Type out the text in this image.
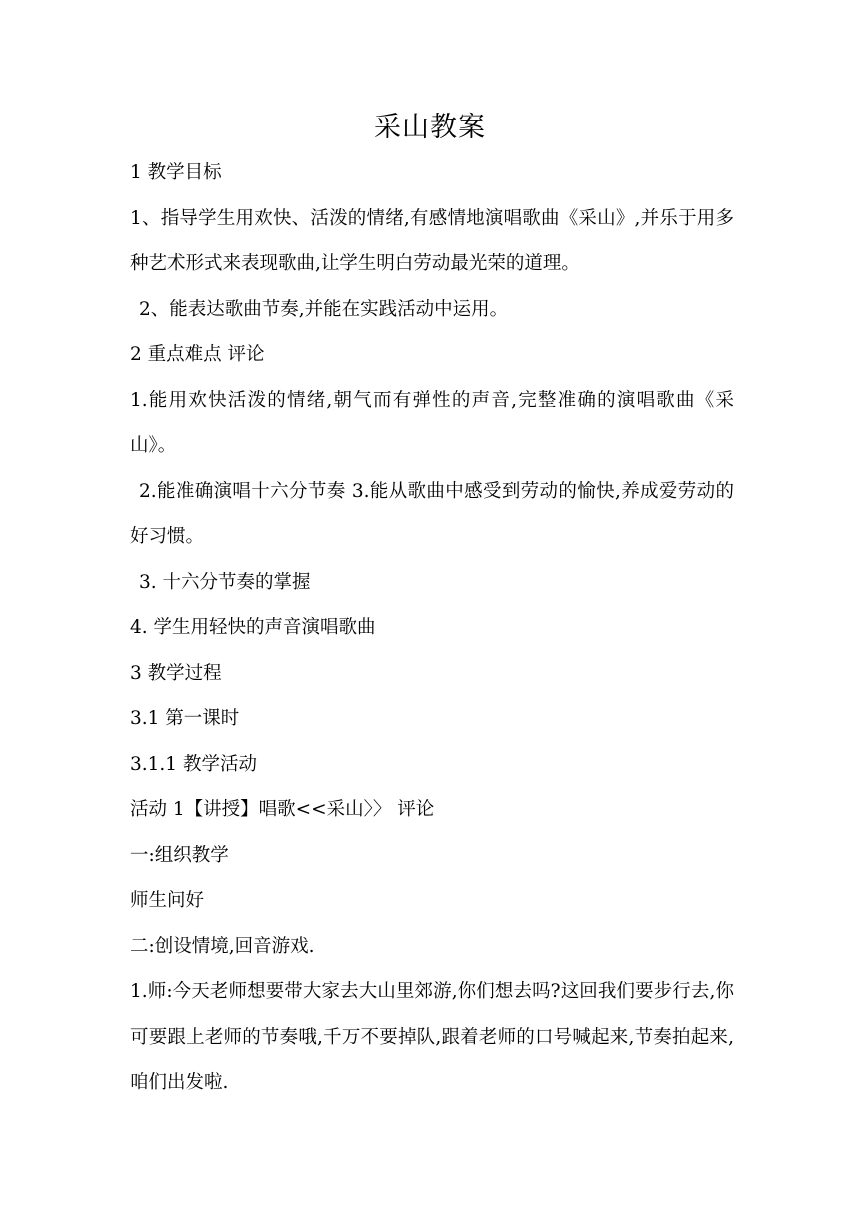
采山教案

1 教学目标

1、指导学生用欢快、活泼的情绪,有感情地演唱歌曲《采山》,并乐于用多种艺术形式来表现歌曲,让学生明白劳动最光荣的道理。

2、能表达歌曲节奏,并能在实践活动中运用。

2 重点难点 评论

1.能用欢快活泼的情绪,朝气而有弹性的声音,完整准确的演唱歌曲《采山》。

2.能准确演唱十六分节奏 3.能从歌曲中感受到劳动的愉快,养成爱劳动的好习惯。

3. 十六分节奏的掌握

4. 学生用轻快的声音演唱歌曲

3 教学过程

3.1 第一课时

3.1.1 教学活动

活动 1【讲授】唱歌<<采山〉〉 评论

一:组织教学

师生问好

二:创设情境,回音游戏.

1.师:今天老师想要带大家去大山里郊游,你们想去吗?这回我们要步行去,你可要跟上老师的节奏哦,千万不要掉队,跟着老师的口号喊起来,节奏拍起来,咱们出发啦.
